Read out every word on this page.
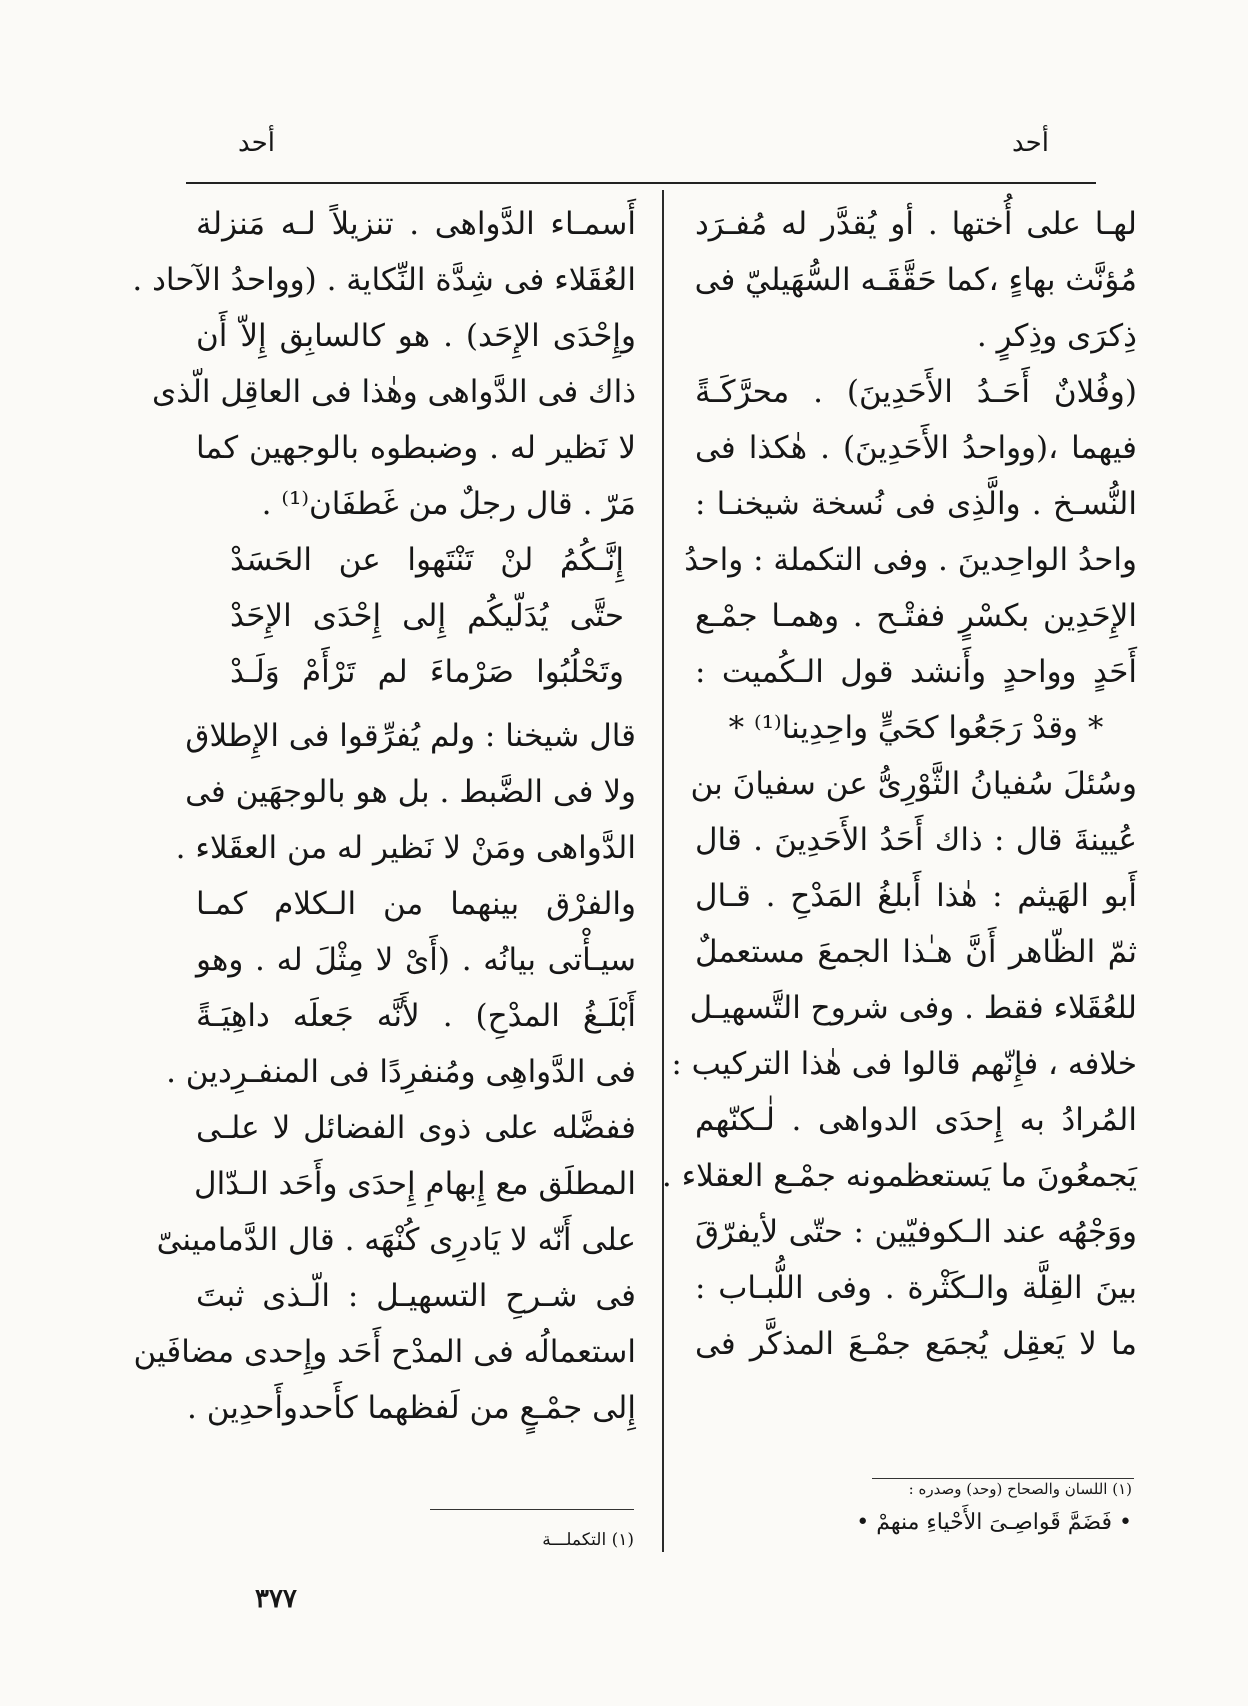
أحد
أحد
لهـا على أُختها . أو يُقدَّر له مُفـرَد
مُؤنَّث بهاءٍ ،كما حَقَّقَـه السُّهَيليّ فى
ذِكرَى وذِكرٍ .
(وفُلانٌ أَحَـدُ الأَحَدِينَ) . محرَّكَـةً
فيهما ،(وواحدُ الأَحَدِينَ) . هٰكذا فى
النُّسـخ . والَّذِى فى نُسخة شيخنـا :
واحدُ الواحِدينَ . وفى التكملة : واحدُ
الإِحَدِين بكسْرٍ ففتْـح . وهمـا جمْـع
أَحَدٍ وواحدٍ وأَنشد قول الـكُميت :
* وقدْ رَجَعُوا كحَيٍّ واحِدِينا⁽¹⁾ *
وسُئلَ سُفيانُ الثَّوْرِىُّ عن سفيانَ بن
عُيينةَ قال : ذاك أَحَدُ الأَحَدِينَ . قال
أَبو الهَيثم : هٰذا أَبلغُ المَدْحِ . قـال
ثمّ الظّاهر أَنَّ هـٰذا الجمعَ مستعملٌ
للعُقَلاء فقط . وفى شروح التَّسهيـل
خلافه ، فإِنّهم قالوا فى هٰذا التركيب :
المُرادُ به إِحدَى الدواهى . لٰـكنّهم
يَجمعُونَ ما يَستعظمونه جمْـع العقلاء .
ووَجْهُه عند الـكوفيّين : حتّى لأيفرّقَ
بينَ القِلَّة والـكَثْرة . وفى اللُّبـاب :
ما لا يَعقِل يُجمَع جمْـعَ المذكَّر فى
أَسمـاء الدَّواهى . تنزيلاً لـه مَنزلة
العُقَلاء فى شِدَّة النِّكاية . (وواحدُ الآحاد .
وإِحْدَى الإِحَد) . هو كالسابِق إِلاّ أَن
ذاك فى الدَّواهى وهٰذا فى العاقِل الّذى
لا نَظير له . وضبطوه بالوجهين كما
مَرّ . قال رجلٌ من غَطفَان⁽¹⁾ .
إِنَّـكُمُ لنْ تَنْتَهوا عن الحَسَدْ
حتَّى يُدَلّيكُم إِلى إِحْدَى الإِحَدْ
وتَحْلُبُوا صَرْماءَ لم تَرْأَمْ وَلَـدْ
قال شيخنا : ولم يُفرِّقوا فى الإِطلاق
ولا فى الضَّبط . بل هو بالوجهَين فى
الدَّواهى ومَنْ لا نَظير له من العقَلاء .
والفرْق بينهما من الـكلام كمـا
سيـأْتى بيانُه . (أَىْ لا مِثْلَ له . وهو
أَبْلَـغُ المدْحِ) . لأَنَّه جَعلَه داهِيَـةً
فى الدَّواهِى ومُنفرِدًا فى المنفـرِدين .
ففضَّله على ذوى الفضائل لا علـى
المطلَق مع إِبهامِ إِحدَى وأَحَد الـدّال
على أَنّه لا يَادرِى كُنْهَه . قال الدَّمامينىّ
فى شـرحِ التسهيـل : الّـذى ثبتَ
استعمالُه فى المدْح أَحَد وإِحدى مضافَين
إِلى جمْـعٍ من لَفظهما كأَحدوأَحدِين .
(١) اللسان والصحاح (وحد) وصدره :
• فَضَمَّ قَواصِـىَ الأَحْياءِ منهمْ •
(١) التكملـــة
٣٧٧
